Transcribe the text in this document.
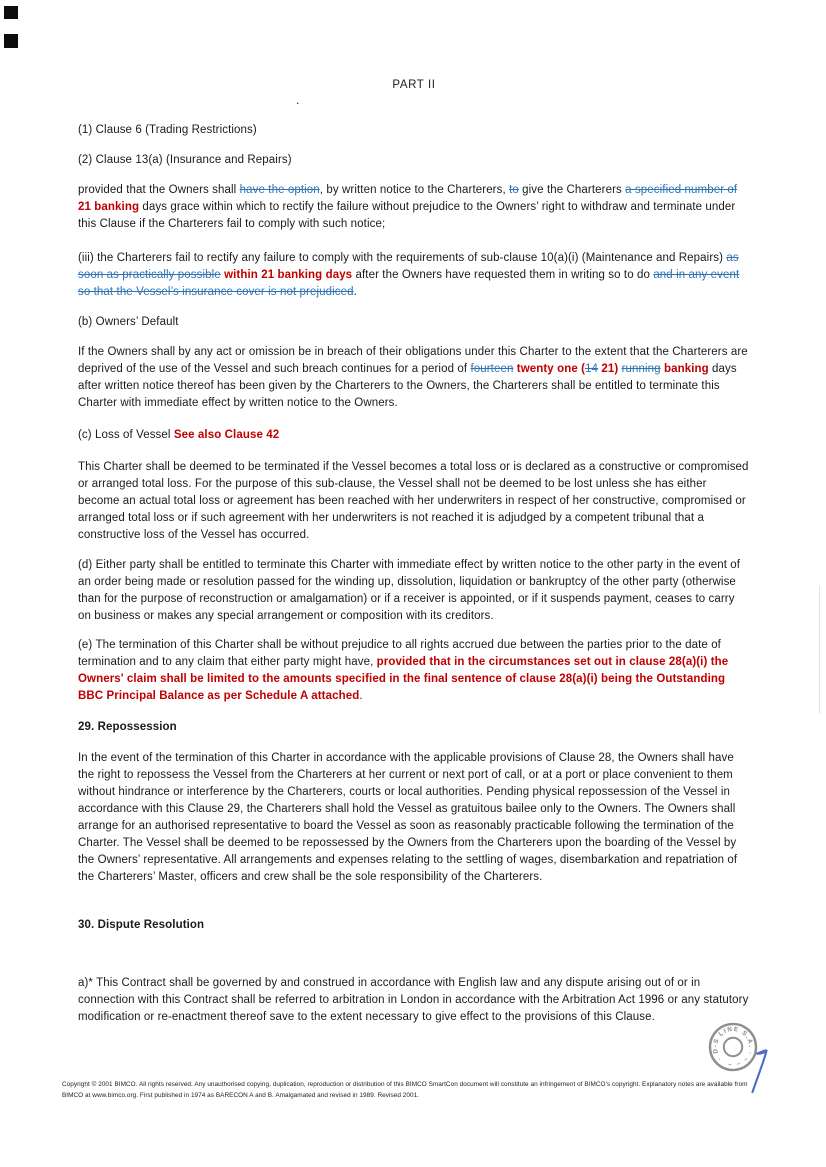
.
PART II
(1) Clause 6 (Trading Restrictions)
(2) Clause 13(a) (Insurance and Repairs)
provided that the Owners shall have the option, by written notice to the Charterers, to give the Charterers a specified number of 21 banking days grace within which to rectify the failure without prejudice to the Owners’ right to withdraw and terminate under this Clause if the Charterers fail to comply with such notice;
(iii) the Charterers fail to rectify any failure to comply with the requirements of sub-clause 10(a)(i) (Maintenance and Repairs) as soon as practically possible within 21 banking days after the Owners have requested them in writing so to do and in any event so that the Vessel’s insurance cover is not prejudiced.
(b) Owners’ Default
If the Owners shall by any act or omission be in breach of their obligations under this Charter to the extent that the Charterers are deprived of the use of the Vessel and such breach continues for a period of fourteen twenty one (14 21) running banking days after written notice thereof has been given by the Charterers to the Owners, the Charterers shall be entitled to terminate this Charter with immediate effect by written notice to the Owners.
(c) Loss of Vessel See also Clause 42
This Charter shall be deemed to be terminated if the Vessel becomes a total loss or is declared as a constructive or compromised or arranged total loss. For the purpose of this sub-clause, the Vessel shall not be deemed to be lost unless she has either become an actual total loss or agreement has been reached with her underwriters in respect of her constructive, compromised or arranged total loss or if such agreement with her underwriters is not reached it is adjudged by a competent tribunal that a constructive loss of the Vessel has occurred.
(d) Either party shall be entitled to terminate this Charter with immediate effect by written notice to the other party in the event of an order being made or resolution passed for the winding up, dissolution, liquidation or bankruptcy of the other party (otherwise than for the purpose of reconstruction or amalgamation) or if a receiver is appointed, or if it suspends payment, ceases to carry on business or makes any special arrangement or composition with its creditors.
(e) The termination of this Charter shall be without prejudice to all rights accrued due between the parties prior to the date of termination and to any claim that either party might have, provided that in the circumstances set out in clause 28(a)(i) the Owners' claim shall be limited to the amounts specified in the final sentence of clause 28(a)(i) being the Outstanding BBC Principal Balance as per Schedule A attached.
29. Repossession
In the event of the termination of this Charter in accordance with the applicable provisions of Clause 28, the Owners shall have the right to repossess the Vessel from the Charterers at her current or next port of call, or at a port or place convenient to them without hindrance or interference by the Charterers, courts or local authorities. Pending physical repossession of the Vessel in accordance with this Clause 29, the Charterers shall hold the Vessel as gratuitous bailee only to the Owners. The Owners shall arrange for an authorised representative to board the Vessel as soon as reasonably practicable following the termination of the Charter. The Vessel shall be deemed to be repossessed by the Owners from the Charterers upon the boarding of the Vessel by the Owners’ representative. All arrangements and expenses relating to the settling of wages, disembarkation and repatriation of the Charterers’ Master, officers and crew shall be the sole responsibility of the Charterers.
30. Dispute Resolution
a)* This Contract shall be governed by and construed in accordance with English law and any dispute arising out of or in connection with this Contract shall be referred to arbitration in London in accordance with the Arbitration Act 1996 or any statutory modification or re-enactment thereof save to the extent necessary to give effect to the provisions of this Clause.
· D-S LINE S.A. · – – –
Copyright © 2001 BIMCO. All rights reserved. Any unauthorised copying, duplication, reproduction or distribution of this BIMCO SmartCon document will constitute an infringement of BIMCO’s copyright. Explanatory notes are available from BIMCO at www.bimco.org. First published in 1974 as BARECON A and B. Amalgamated and revised in 1989. Revised 2001.
